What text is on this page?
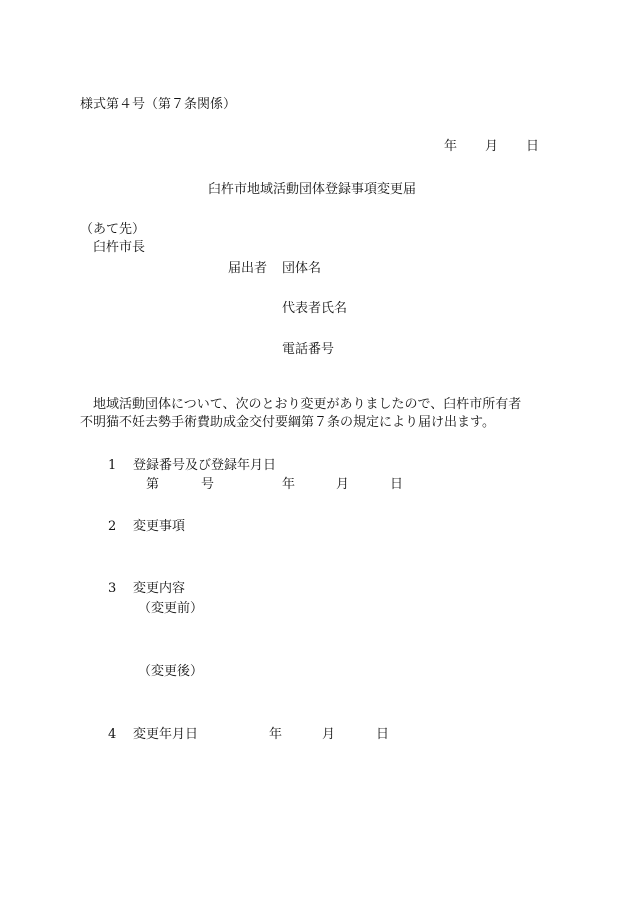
様式第４号（第７条関係）
年 月 日
臼杵市地域活動団体登録事項変更届
（あて先）
臼杵市長
届出者 団体名
代表者氏名
電話番号
地域活動団体について、次のとおり変更がありましたので、臼杵市所有者
不明猫不妊去勢手術費助成金交付要綱第７条の規定により届け出ます。
1 登録番号及び登録年月日
第	号	年	月	日
2 変更事項
3 変更内容
（変更前）
（変更後）
4 変更年月日	年	月	日
